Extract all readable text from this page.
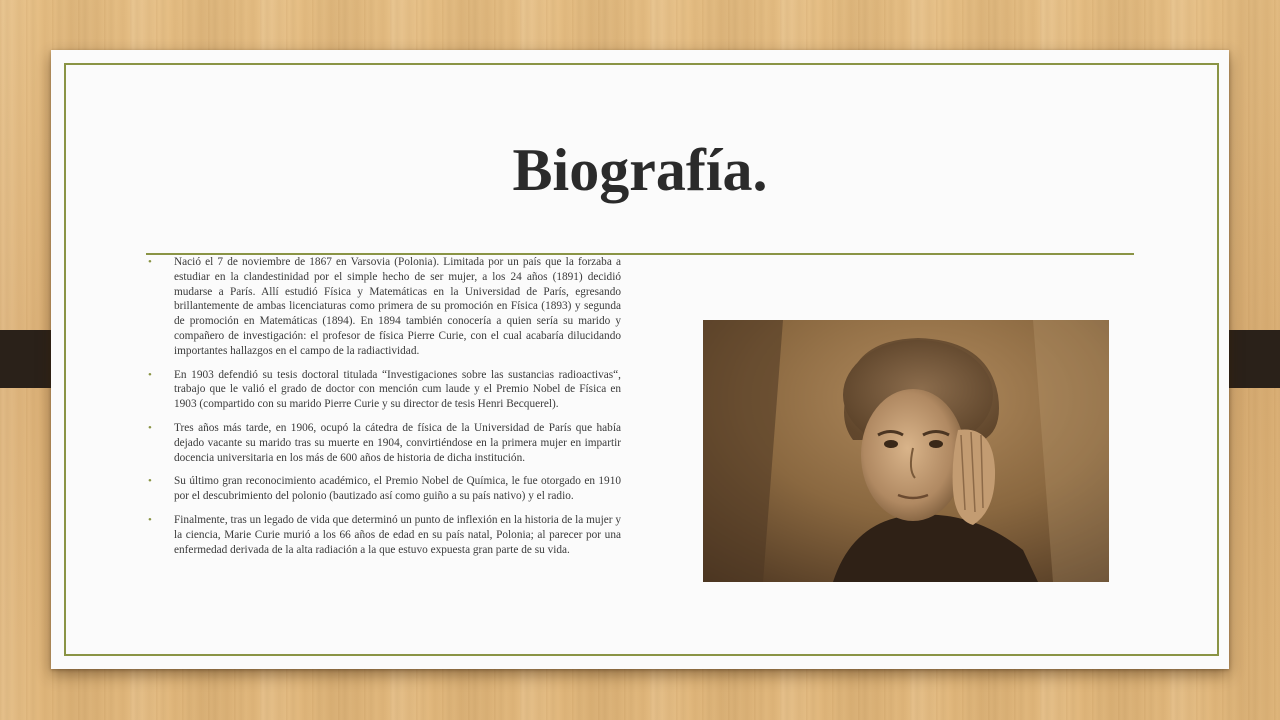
Biografía.

• Nació el 7 de noviembre de 1867 en Varsovia (Polonia). Limitada por un país que la forzaba a estudiar en la clandestinidad por el simple hecho de ser mujer, a los 24 años (1891) decidió mudarse a París. Allí estudió Física y Matemáticas en la Universidad de París, egresando brillantemente de ambas licenciaturas como primera de su promoción en Física (1893) y segunda de promoción en Matemáticas (1894). En 1894 también conocería a quien sería su marido y compañero de investigación: el profesor de física Pierre Curie, con el cual acabaría dilucidando importantes hallazgos en el campo de la radiactividad.

• En 1903 defendió su tesis doctoral titulada “Investigaciones sobre las sustancias radioactivas“, trabajo que le valió el grado de doctor con mención cum laude y el Premio Nobel de Física en 1903 (compartido con su marido Pierre Curie y su director de tesis Henri Becquerel).

• Tres años más tarde, en 1906, ocupó la cátedra de física de la Universidad de París que había dejado vacante su marido tras su muerte en 1904, convirtiéndose en la primera mujer en impartir docencia universitaria en los más de 600 años de historia de dicha institución.

• Su último gran reconocimiento académico, el Premio Nobel de Química, le fue otorgado en 1910 por el descubrimiento del polonio (bautizado así como guiño a su país nativo) y el radio.

• Finalmente, tras un legado de vida que determinó un punto de inflexión en la historia de la mujer y la ciencia, Marie Curie murió a los 66 años de edad en su país natal, Polonia; al parecer por una enfermedad derivada de la alta radiación a la que estuvo expuesta gran parte de su vida.
